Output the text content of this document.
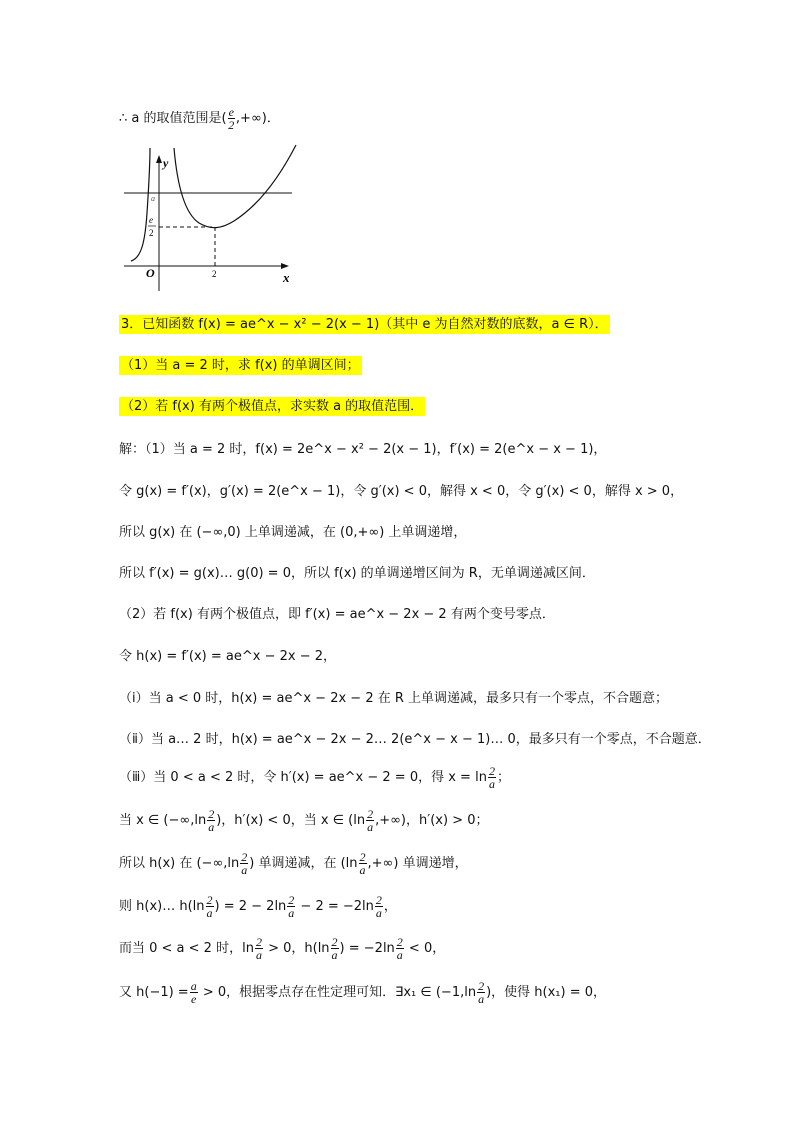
∴ a 的取值范围是( $\frac{e}{2}$ ,+∞)．
y
x
O
a
e
2
2
3．已知函数 f(x) = ae^x − x² − 2(x − 1)（其中 e 为自然对数的底数，a ∈ R）．
（1）当 a = 2 时，求 f(x) 的单调区间；
（2）若 f(x) 有两个极值点，求实数 a 的取值范围．
解：（1）当 a = 2 时，f(x) = 2e^x − x² − 2(x − 1)，f′(x) = 2(e^x − x − 1)，
令 g(x) = f′(x)，g′(x) = 2(e^x − 1)，令 g′(x) < 0，解得 x < 0，令 g′(x) < 0，解得 x > 0，
所以 g(x) 在 (−∞,0) 上单调递减，在 (0,+∞) 上单调递增，
所以 f′(x) = g(x)… g(0) = 0，所以 f(x) 的单调递增区间为 R，无单调递减区间．
（2）若 f(x) 有两个极值点，即 f′(x) = ae^x − 2x − 2 有两个变号零点．
令 h(x) = f′(x) = ae^x − 2x − 2，
（ⅰ）当 a < 0 时，h(x) = ae^x − 2x − 2 在 R 上单调递减，最多只有一个零点，不合题意；
（ⅱ）当 a… 2 时，h(x) = ae^x − 2x − 2… 2(e^x − x − 1)… 0，最多只有一个零点，不合题意．
（ⅲ）当 0 < a < 2 时，令 h′(x) = ae^x − 2 = 0，得 $x = \ln \frac{2}{a}$ ；
当 x ∈ ($-\infty,\ln \frac{2}{a}$ )，h′(x) < 0，当 x ∈ ($\ln \frac{2}{a}$ ,+∞)，h′(x) > 0；
所以 h(x) 在 ($-\infty,\ln \frac{2}{a}$ ) 单调递减，在 ($\ln \frac{2}{a}$ ,+∞) 单调递增，
则 h(x)… $h(\ln \frac{2}{a}$ ) = $2 - 2\ln \frac{2}{a} - 2 = -2\ln \frac{2}{a}$ ，
而当 0 < a < 2 时，$\ln \frac{2}{a} > 0$，$h(\ln \frac{2}{a}$ ) = $-2\ln \frac{2}{a} < 0$，
又 $h(-1) = \frac{a}{e} > 0$，根据零点存在性定理可知．∃x₁ ∈ ($-1,\ln \frac{2}{a}$ )，使得 h(x₁) = 0，
